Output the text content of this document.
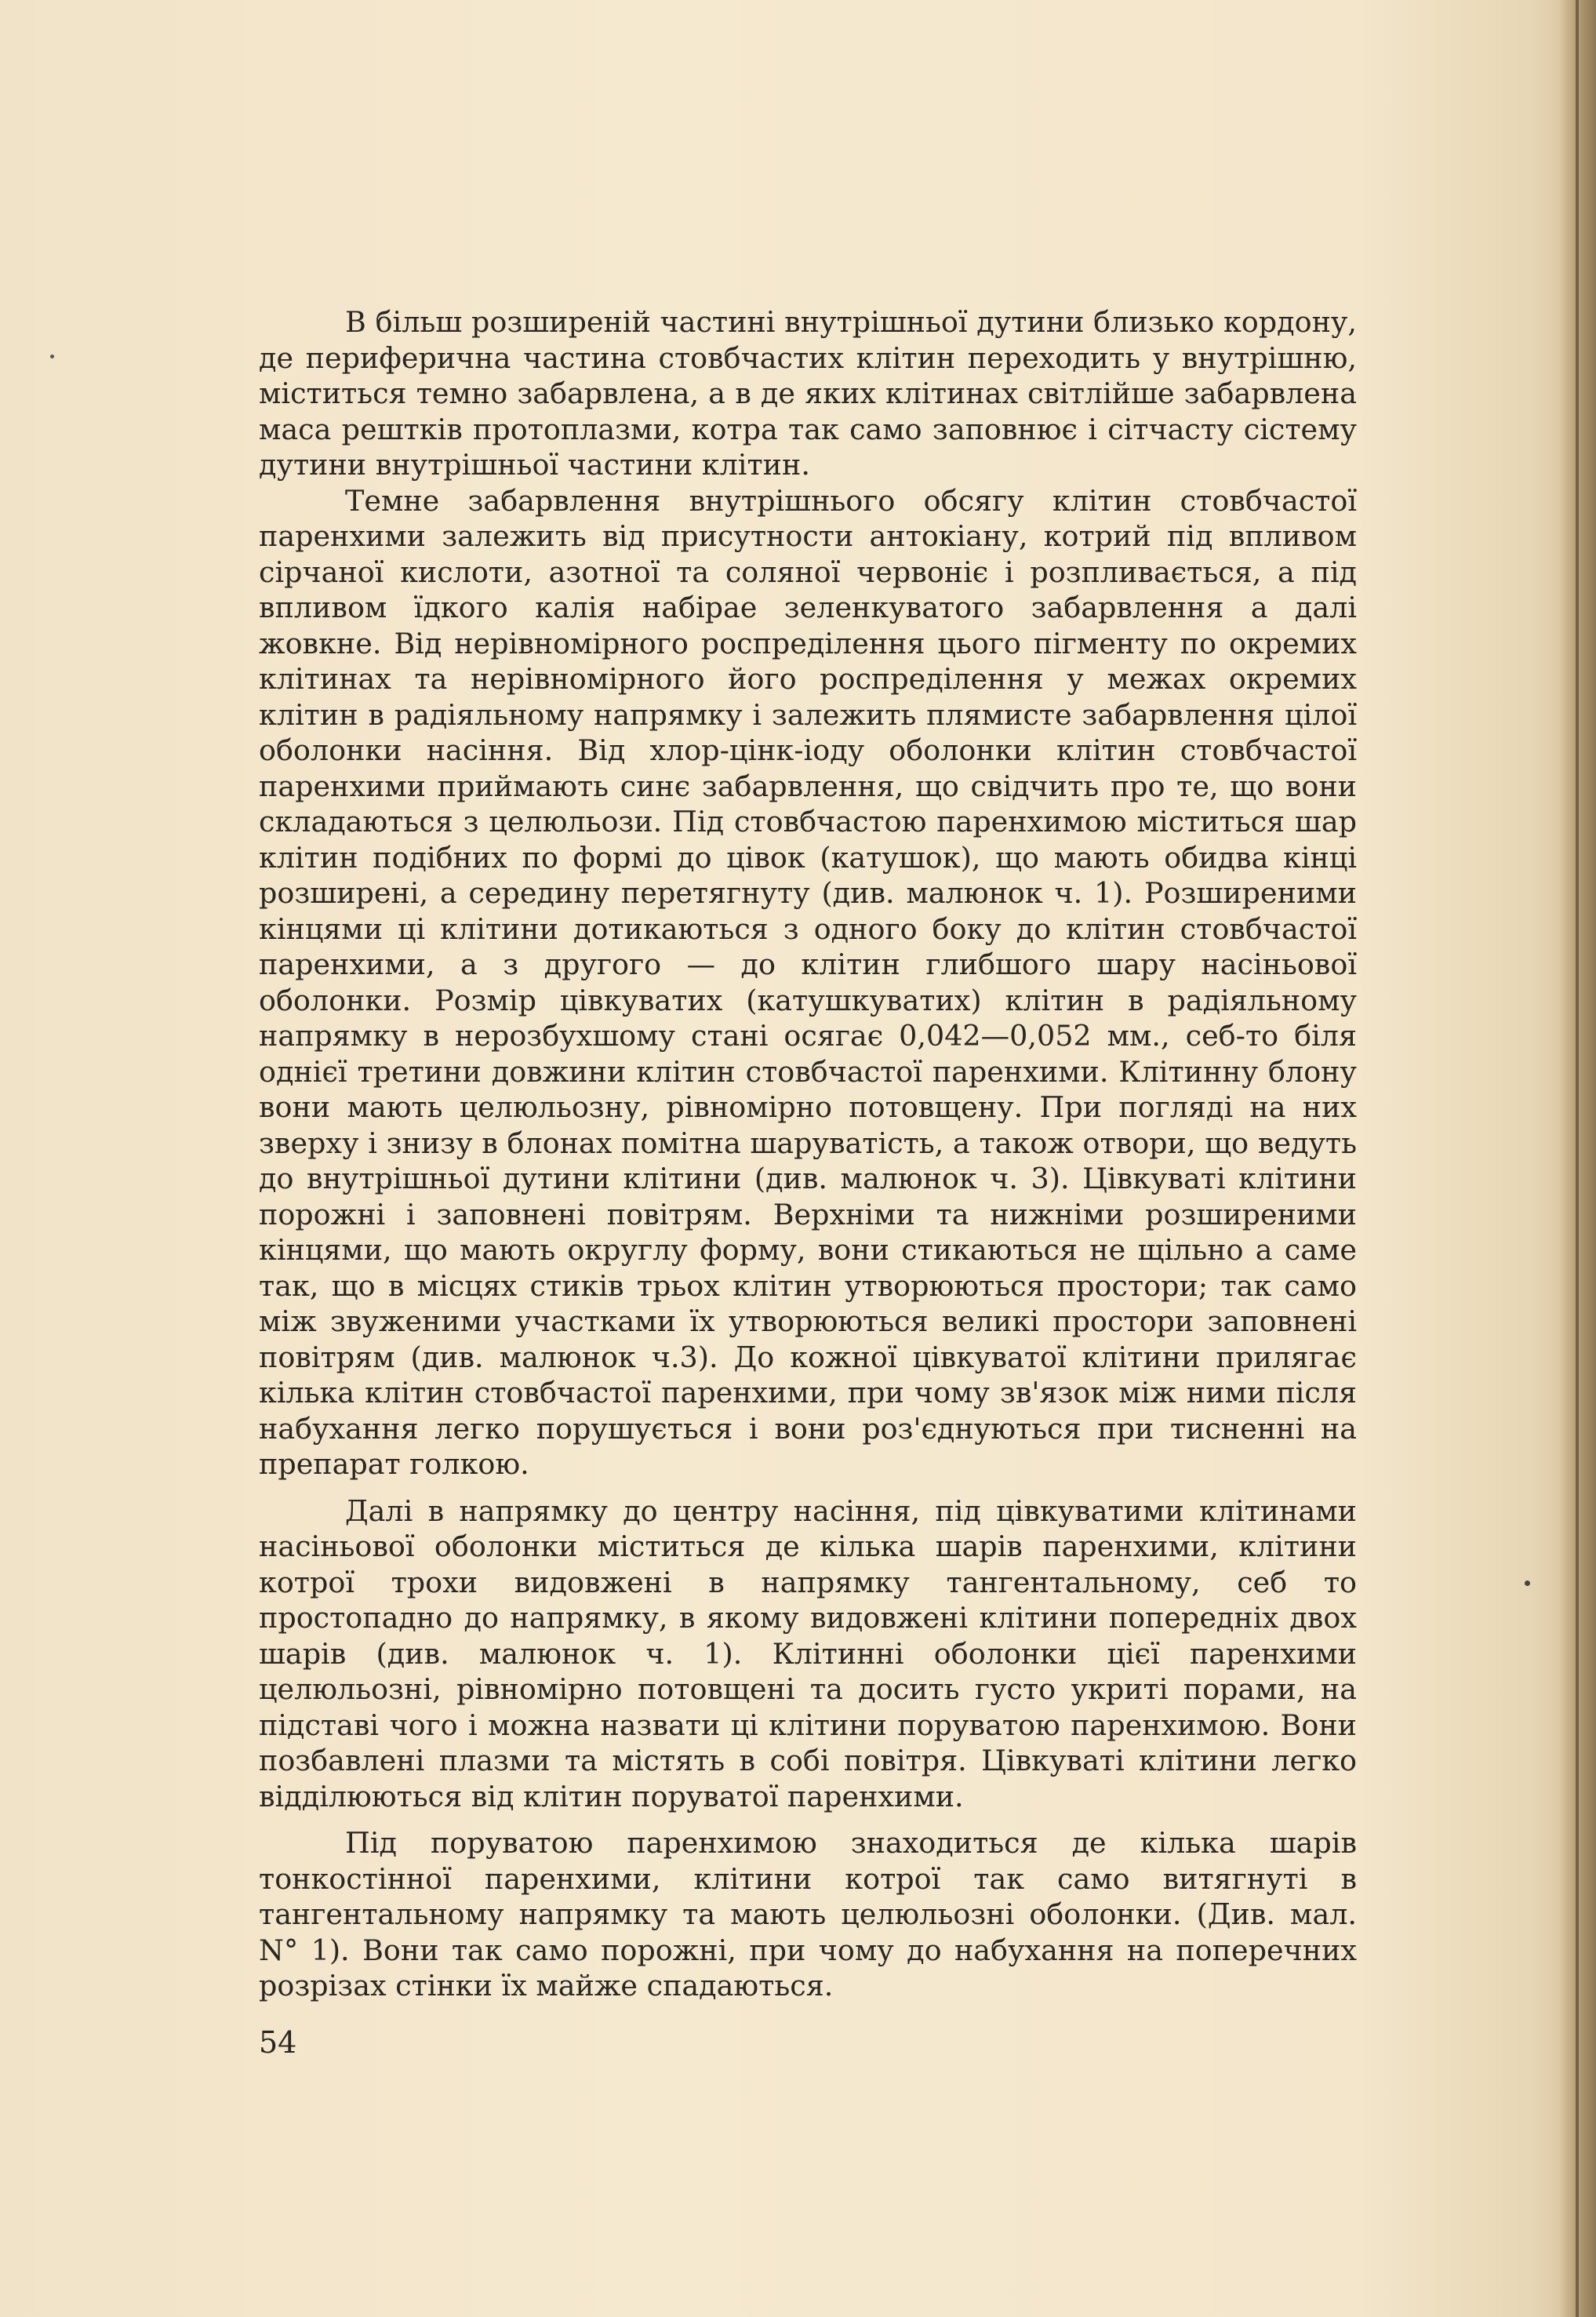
В більш розширеній частині внутрішньої дутини близько кордону, де периферична частина стовбчастих клітин переходить у внутрішню, міститься темно забарвлена, а в де яких клітинах світлійше забарвлена маса рештків протоплазми, котра так само заповнює і сітчасту сістему дутини внутрішньої частини клітин.

Темне забарвлення внутрішнього обсягу клітин стовбчастої паренхими залежить від присутности антокіану, котрий під впливом сірчаної кислоти, азотної та соляної червоніє і розпливається, а під впливом їдкого калія набіраe зеленкуватого забарвлення а далі жовкне. Від нерівномірного роспреділення цього пігменту по окремих клітинах та нерівномірного його роспреділення у межах окремих клітин в радіяльному напрямку і залежить плямисте забарвлення цілої оболонки насіння. Від хлор-цінк-іоду оболонки клітин стовбчастої паренхими приймають синє забарвлення, що свідчить про те, що вони складаються з целюльози. Під стовбчастою паренхимою міститься шар клітин подібних по формі до цівок (катушок), що мають обидва кінці розширені, а середину перетягнуту (див. малюнок ч. 1). Розширеними кінцями ці клітини дотикаються з одного боку до клітин стовбчастої паренхими, а з другого — до клітин глибшого шару насіньової оболонки. Розмір цівкуватих (катушкуватих) клітин в радіяльному напрямку в нерозбухшому стані осягає 0,042—0,052 мм., себ-то біля однієї третини довжини клітин стовбчастої паренхими. Клітинну блону вони мають целюльозну, рівномірно потовщену. При погляді на них зверху і знизу в блонах помітна шаруватість, а також отвори, що ведуть до внутрішньої дутини клітини (див. малюнок ч. 3). Цівкуваті клітини порожні і заповнені повітрям. Верхніми та нижніми розширеними кінцями, що мають округлу форму, вони стикаються не щільно а саме так, що в місцях стиків трьох клітин утворюються простори; так само між звуженими участками їх утворюються великі простори заповнені повітрям (див. малюнок ч.3). До кожної цівкуватої клітини прилягає кілька клітин стовбчастої паренхими, при чому зв'язок між ними після набухання легко порушується і вони роз'єднуються при тисненні на препарат голкою.

Далі в напрямку до центру насіння, під цівкуватими клітинами насіньової оболонки міститься де кілька шарів паренхими, клітини котрої трохи видовжені в напрямку тангентальному, себ то простопадно до напрямку, в якому видовжені клітини попередніх двох шарів (див. малюнок ч. 1). Клітинні оболонки цієї паренхими целюльозні, рівномірно потовщені та досить густо укриті порами, на підставі чого і можна назвати ці клітини поруватою паренхимою. Вони позбавлені плазми та містять в собі повітря. Цівкуваті клітини легко відділюються від клітин поруватої паренхими.

Під поруватою паренхимою знаходиться де кілька шарів тонкостінної паренхими, клітини котрої так само витягнуті в тангентальному напрямку та мають целюльозні оболонки. (Див. мал. N° 1). Вони так само порожні, при чому до набухання на поперечних розрізах стінки їх майже спадаються.

54
